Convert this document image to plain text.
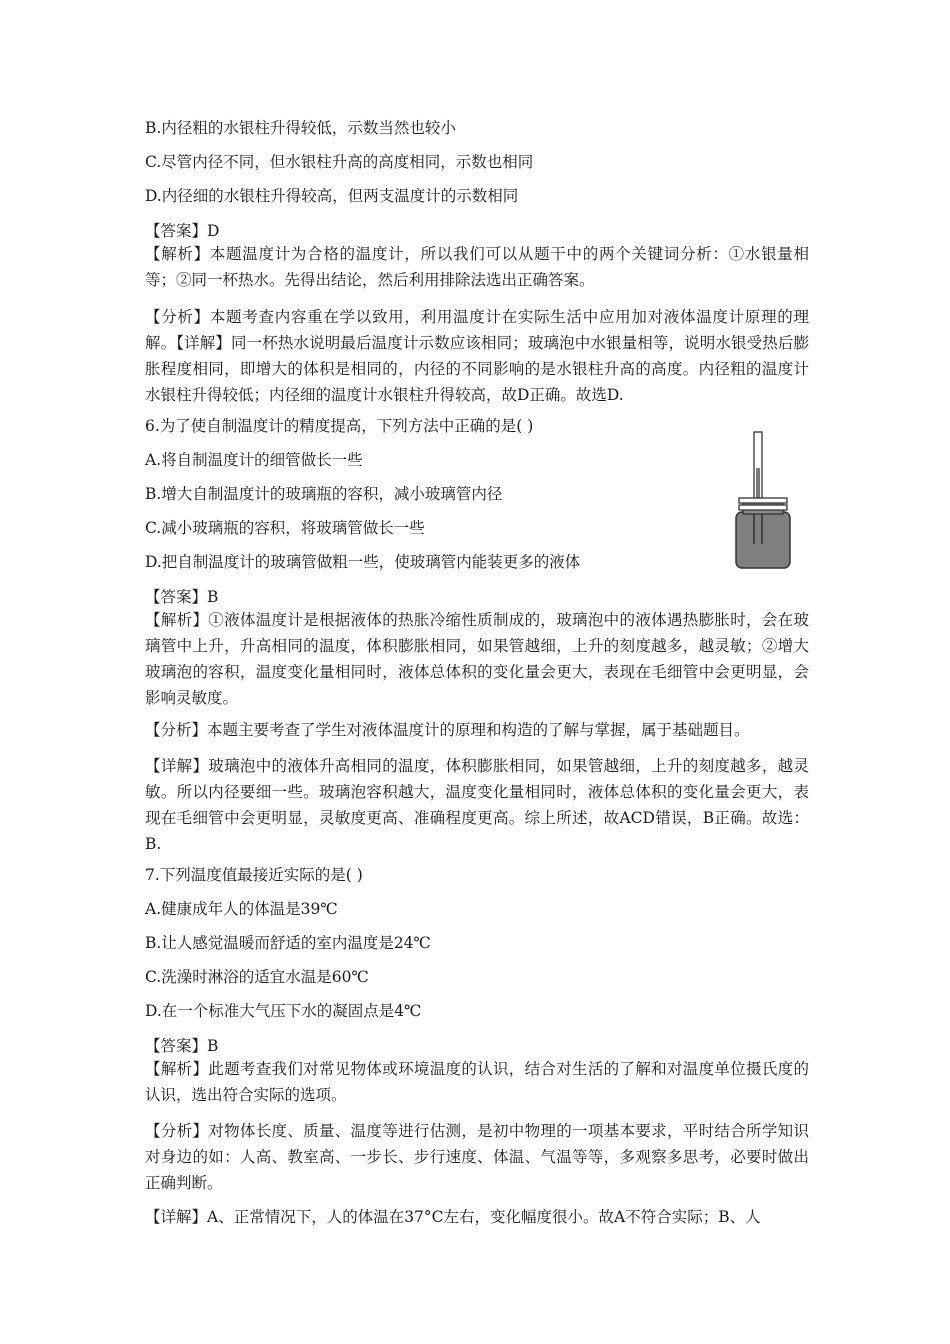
B.内径粗的水银柱升得较低，示数当然也较小
C.尽管内径不同，但水银柱升高的高度相同，示数也相同
D.内径细的水银柱升得较高，但两支温度计的示数相同
【答案】D
【解析】本题温度计为合格的温度计，所以我们可以从题干中的两个关键词分析：①水银量相等；②同一杯热水。先得出结论，然后利用排除法选出正确答案。
【分析】本题考查内容重在学以致用，利用温度计在实际生活中应用加对液体温度计原理的理解。【详解】同一杯热水说明最后温度计示数应该相同；玻璃泡中水银量相等，说明水银受热后膨胀程度相同，即增大的体积是相同的，内径的不同影响的是水银柱升高的高度。内径粗的温度计水银柱升得较低；内径细的温度计水银柱升得较高，故D正确。故选D.
6.为了使自制温度计的精度提高，下列方法中正确的是( )
A.将自制温度计的细管做长一些
B.增大自制温度计的玻璃瓶的容积，减小玻璃管内径
C.减小玻璃瓶的容积，将玻璃管做长一些
D.把自制温度计的玻璃管做粗一些，使玻璃管内能装更多的液体
【答案】B
【解析】①液体温度计是根据液体的热胀冷缩性质制成的，玻璃泡中的液体遇热膨胀时，会在玻璃管中上升，升高相同的温度，体积膨胀相同，如果管越细，上升的刻度越多，越灵敏；②增大玻璃泡的容积，温度变化量相同时，液体总体积的变化量会更大，表现在毛细管中会更明显，会影响灵敏度。
【分析】本题主要考查了学生对液体温度计的原理和构造的了解与掌握，属于基础题目。
【详解】玻璃泡中的液体升高相同的温度，体积膨胀相同，如果管越细，上升的刻度越多，越灵敏。所以内径要细一些。玻璃泡容积越大，温度变化量相同时，液体总体积的变化量会更大，表现在毛细管中会更明显，灵敏度更高、准确程度更高。综上所述，故ACD错误，B正确。故选：B.
7.下列温度值最接近实际的是( )
A.健康成年人的体温是39℃
B.让人感觉温暖而舒适的室内温度是24℃
C.洗澡时淋浴的适宜水温是60℃
D.在一个标准大气压下水的凝固点是4℃
【答案】B
【解析】此题考查我们对常见物体或环境温度的认识，结合对生活的了解和对温度单位摄氏度的认识，选出符合实际的选项。
【分析】对物体长度、质量、温度等进行估测，是初中物理的一项基本要求，平时结合所学知识对身边的如：人高、教室高、一步长、步行速度、体温、气温等等，多观察多思考，必要时做出正确判断。
【详解】A、正常情况下，人的体温在37°C左右，变化幅度很小。故A不符合实际；B、人
